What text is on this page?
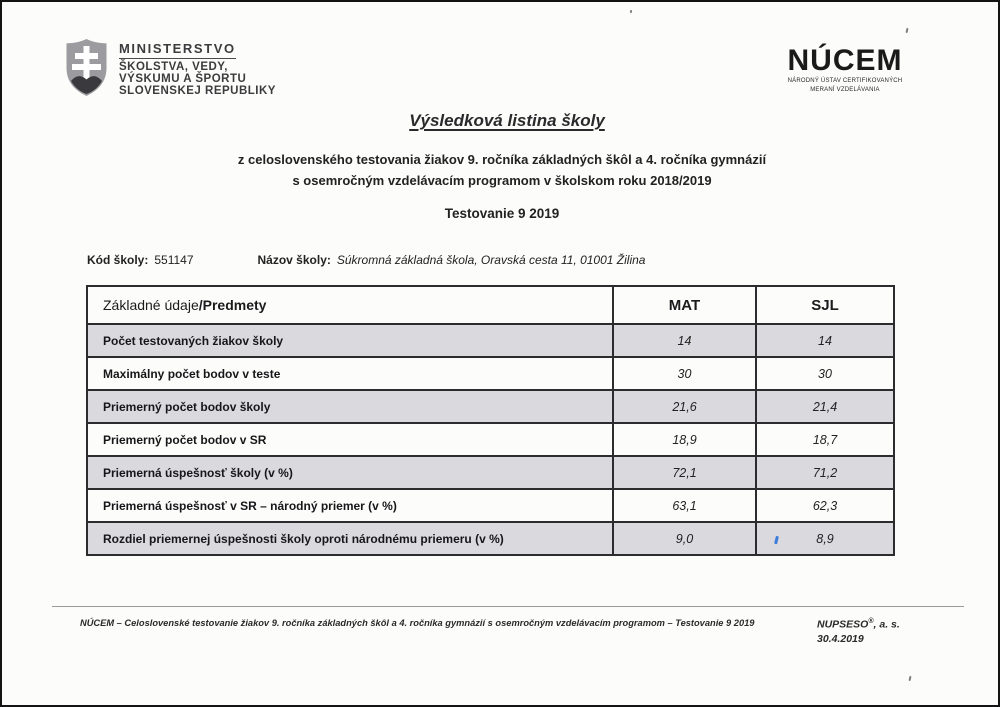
MINISTERSTVO
ŠKOLSTVA, VEDY,
VÝSKUMU A ŠPORTU
SLOVENSKEJ REPUBLIKY
NÚCEM
NÁRODNÝ ÚSTAV CERTIFIKOVANÝCH
MERANÍ VZDELÁVANIA
Výsledková listina školy
z celoslovenského testovania žiakov 9. ročníka základných škôl a 4. ročníka gymnázií
s osemročným vzdelávacím programom v školskom roku 2018/2019
Testovanie 9 2019
Kód školy: 551147	Názov školy: Súkromná základná škola, Oravská cesta 11, 01001 Žilina
Základné údaje/Predmety	MAT	SJL
Počet testovaných žiakov školy	14	14
Maximálny počet bodov v teste	30	30
Priemerný počet bodov školy	21,6	21,4
Priemerný počet bodov v SR	18,9	18,7
Priemerná úspešnosť školy (v %)	72,1	71,2
Priemerná úspešnosť v SR – národný priemer (v %)	63,1	62,3
Rozdiel priemernej úspešnosti školy oproti národnému priemeru (v %)	9,0	8,9
NÚCEM – Celoslovenské testovanie žiakov 9. ročníka základných škôl a 4. ročníka gymnázií s osemročným vzdelávacím programom – Testovanie 9 2019	NUPSESO®, a. s.
30.4.2019
